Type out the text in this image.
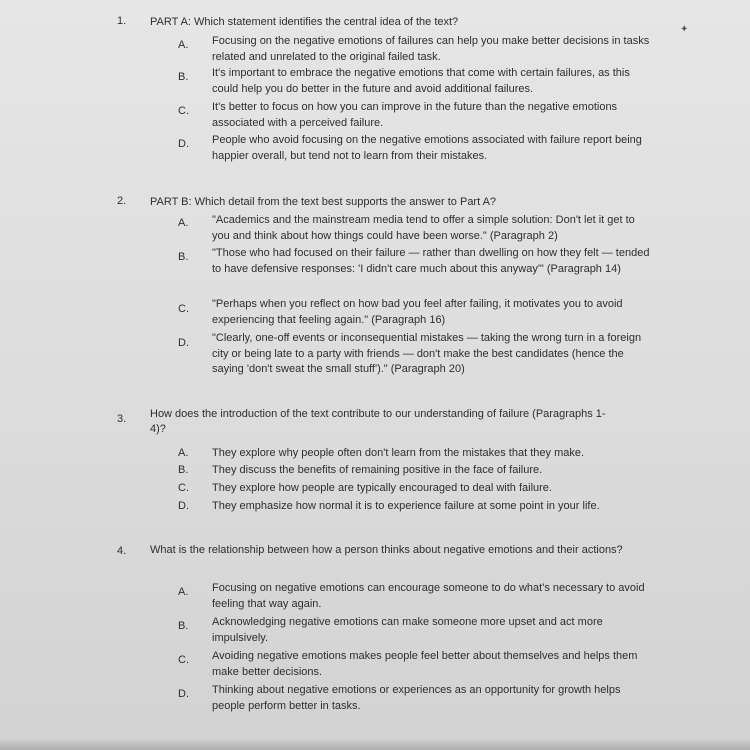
✦
1. PART A: Which statement identifies the central idea of the text?
A. Focusing on the negative emotions of failures can help you make better decisions in tasks related and unrelated to the original failed task.
B. It's important to embrace the negative emotions that come with certain failures, as this could help you do better in the future and avoid additional failures.
C. It's better to focus on how you can improve in the future than the negative emotions associated with a perceived failure.
D. People who avoid focusing on the negative emotions associated with failure report being happier overall, but tend not to learn from their mistakes.
2. PART B: Which detail from the text best supports the answer to Part A?
A. "Academics and the mainstream media tend to offer a simple solution: Don't let it get to you and think about how things could have been worse." (Paragraph 2)
B. "Those who had focused on their failure — rather than dwelling on how they felt — tended to have defensive responses: 'I didn't care much about this anyway'" (Paragraph 14)
C. "Perhaps when you reflect on how bad you feel after failing, it motivates you to avoid experiencing that feeling again." (Paragraph 16)
D. "Clearly, one-off events or inconsequential mistakes — taking the wrong turn in a foreign city or being late to a party with friends — don't make the best candidates (hence the saying 'don't sweat the small stuff')." (Paragraph 20)
3. How does the introduction of the text contribute to our understanding of failure (Paragraphs 1-4)?
A. They explore why people often don't learn from the mistakes that they make.
B. They discuss the benefits of remaining positive in the face of failure.
C. They explore how people are typically encouraged to deal with failure.
D. They emphasize how normal it is to experience failure at some point in your life.
4. What is the relationship between how a person thinks about negative emotions and their actions?
A. Focusing on negative emotions can encourage someone to do what's necessary to avoid feeling that way again.
B. Acknowledging negative emotions can make someone more upset and act more impulsively.
C. Avoiding negative emotions makes people feel better about themselves and helps them make better decisions.
D. Thinking about negative emotions or experiences as an opportunity for growth helps people perform better in tasks.
